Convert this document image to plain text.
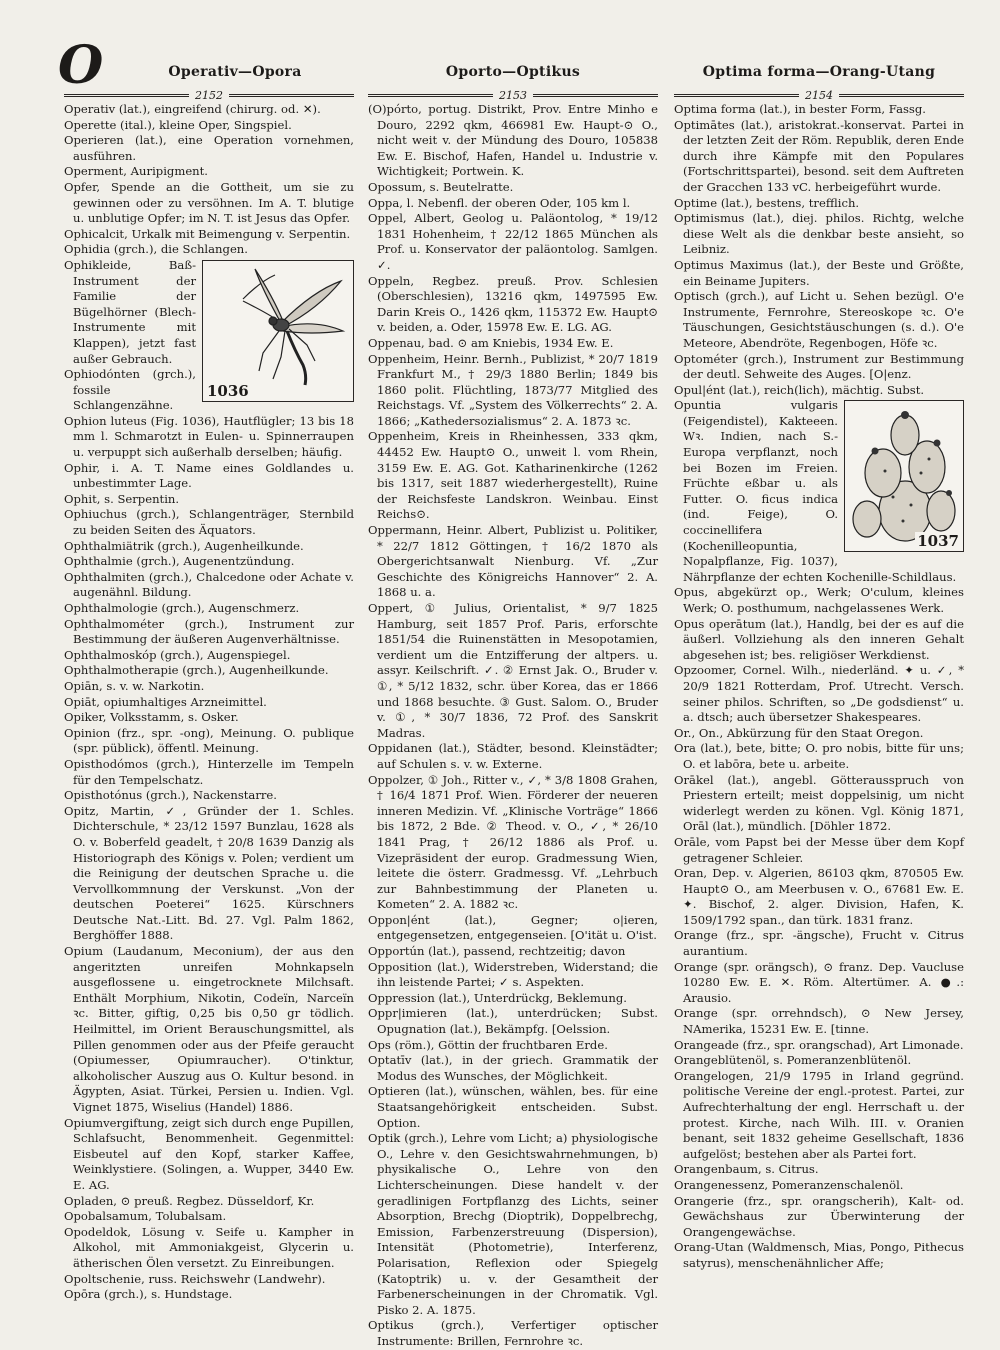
O	Operativ—Opora	Oporto—Optikus	Optima forma—Orang-Utang
2152	2153	2154

Operativ (lat.), eingreifend (chirurg. od. ✕).

Operette (ital.), kleine Oper, Singspiel.

Operieren (lat.), eine Operation vornehmen, ausführen.

Operment, Auripigment.

Opfer, Spende an die Gottheit, um sie zu gewinnen oder zu versöhnen. Im A. T. blutige u. unblutige Opfer; im N. T. ist Jesus das Opfer.

Ophicalcit, Urkalk mit Beimengung v. Serpentin.

Ophidia (grch.), die Schlangen.

1036

Ophikleide, Baß-Instrument der Familie der Bügelhörner (Blech-Instrumente mit Klappen), jetzt fast außer Gebrauch.

Ophiodónten (grch.), fossile Schlangenzähne.

Ophion luteus (Fig. 1036), Hautflügler; 13 bis 18 mm l. Schmarotzt in Eulen- u. Spinnerraupen u. verpuppt sich außerhalb derselben; häufig.

Ophir, i. A. T. Name eines Goldlandes u. unbestimmter Lage.

Ophit, s. Serpentin.

Ophiuchus (grch.), Schlangenträger, Sternbild zu beiden Seiten des Äquators.

Ophthalmiätrik (grch.), Augenheilkunde.

Ophthalmie (grch.), Augenentzündung.

Ophthalmiten (grch.), Chalcedone oder Achate v. augenähnl. Bildung.

Ophthalmologie (grch.), Augenschmerz.

Ophthalmométer (grch.), Instrument zur Bestimmung der äußeren Augenverhältnisse.

Ophthalmoskóp (grch.), Augenspiegel.

Ophthalmotherapie (grch.), Augenheilkunde.

Opiān, s. v. w. Narkotin.

Opiāt, opiumhaltiges Arzneimittel.

Opiker, Volksstamm, s. Osker.

Opinion (frz., spr. -ong), Meinung. O. publique (spr. püblick), öffentl. Meinung.

Opisthodómos (grch.), Hinterzelle im Tempeln für den Tempelschatz.

Opisthotónus (grch.), Nackenstarre.

Opitz, Martin, ✓, Gründer der 1. Schles. Dichterschule, * 23/12 1597 Bunzlau, 1628 als O. v. Boberfeld geadelt, † 20/8 1639 Danzig als Historiograph des Königs v. Polen; verdient um die Reinigung der deutschen Sprache u. die Vervollkommnung der Verskunst. „Von der deutschen Poeterei“ 1625. Kürschners Deutsche Nat.-Litt. Bd. 27. Vgl. Palm 1862, Berghöffer 1888.

Opium (Laudanum, Meconium), der aus den angeritzten unreifen Mohnkapseln ausgeflossene u. eingetrocknete Milchsaft. Enthält Morphium, Nikotin, Codeïn, Narceïn ꝛc. Bitter, giftig, 0,25 bis 0,50 gr tödlich. Heilmittel, im Orient Berauschungsmittel, als Pillen genommen oder aus der Pfeife geraucht (Opiumesser, Opiumraucher). O'tinktur, alkoholischer Auszug aus O. Kultur besond. in Ägypten, Asiat. Türkei, Persien u. Indien. Vgl. Vignet 1875, Wiselius (Handel) 1886.

Opiumvergiftung, zeigt sich durch enge Pupillen, Schlafsucht, Benommenheit. Gegenmittel: Eisbeutel auf den Kopf, starker Kaffee, Weinklystiere. (Solingen, a. Wupper, 3440 Ew. E. AG.

Opladen, ⊙ preuß. Regbez. Düsseldorf, Kr.

Opobalsamum, Tolubalsam.

Opodeldok, Lösung v. Seife u. Kampher in Alkohol, mit Ammoniakgeist, Glycerin u. ätherischen Ölen versetzt. Zu Einreibungen.

Opoltschenie, russ. Reichswehr (Landwehr).

Opōra (grch.), s. Hundstage.

(O)pórto, portug. Distrikt, Prov. Entre Minho e Douro, 2292 qkm, 466981 Ew. Haupt-⊙ O., nicht weit v. der Mündung des Douro, 105838 Ew. E. Bischof, Hafen, Handel u. Industrie v. Wichtigkeit; Portwein. K.

Opossum, s. Beutelratte.

Oppa, l. Nebenfl. der oberen Oder, 105 km l.

Oppel, Albert, Geolog u. Paläontolog, * 19/12 1831 Hohenheim, † 22/12 1865 München als Prof. u. Konservator der paläontolog. Samlgen. ✓.

Oppeln, Regbez. preuß. Prov. Schlesien (Oberschlesien), 13216 qkm, 1497595 Ew. Darin Kreis O., 1426 qkm, 115372 Ew. Haupt⊙ v. beiden, a. Oder, 15978 Ew. E. LG. AG.

Oppenau, bad. ⊙ am Kniebis, 1934 Ew. E.

Oppenheim, Heinr. Bernh., Publizist, * 20/7 1819 Frankfurt M., † 29/3 1880 Berlin; 1849 bis 1860 polit. Flüchtling, 1873/77 Mitglied des Reichstags. Vf. „System des Völkerrechts“ 2. A. 1866; „Kathedersozialismus“ 2. A. 1873 ꝛc.

Oppenheim, Kreis in Rheinhessen, 333 qkm, 44452 Ew. Haupt⊙ O., unweit l. vom Rhein, 3159 Ew. E. AG. Got. Katharinenkirche (1262 bis 1317, seit 1887 wiederhergestellt), Ruine der Reichsfeste Landskron. Weinbau. Einst Reichs⊙.

Oppermann, Heinr. Albert, Publizist u. Politiker, * 22/7 1812 Göttingen, † 16/2 1870 als Obergerichtsanwalt Nienburg. Vf. „Zur Geschichte des Königreichs Hannover“ 2. A. 1868 u. a.

Oppert, ① Julius, Orientalist, * 9/7 1825 Hamburg, seit 1857 Prof. Paris, erforschte 1851/54 die Ruinenstätten in Mesopotamien, verdient um die Entzifferung der altpers. u. assyr. Keilschrift. ✓. ② Ernst Jak. O., Bruder v. ①, * 5/12 1832, schr. über Korea, das er 1866 und 1868 besuchte. ③ Gust. Salom. O., Bruder v. ①, * 30/7 1836, 72 Prof. des Sanskrit Madras.

Oppidanen (lat.), Städter, besond. Kleinstädter; auf Schulen s. v. w. Externe.

Oppolzer, ① Joh., Ritter v., ✓, * 3/8 1808 Grahen, † 16/4 1871 Prof. Wien. Förderer der neueren inneren Medizin. Vf. „Klinische Vorträge“ 1866 bis 1872, 2 Bde. ② Theod. v. O., ✓, * 26/10 1841 Prag, † 26/12 1886 als Prof. u. Vizepräsident der europ. Gradmessung Wien, leitete die österr. Gradmessg. Vf. „Lehrbuch zur Bahnbestimmung der Planeten u. Kometen“ 2. A. 1882 ꝛc.

Oppon|ént (lat.), Gegner; o|ieren, entgegensetzen, entgegenseien. [O'ität u. O'ist.

Opportún (lat.), passend, rechtzeitig; davon

Opposition (lat.), Widerstreben, Widerstand; die ihn leistende Partei; ✓ s. Aspekten.

Oppression (lat.), Unterdrückg, Beklemung.

Oppr|imieren (lat.), unterdrücken; Subst. Opugnation (lat.), Bekämpfg. [Oelssion.

Ops (röm.), Göttin der fruchtbaren Erde.

Optatīv (lat.), in der griech. Grammatik der Modus des Wunsches, der Möglichkeit.

Optieren (lat.), wünschen, wählen, bes. für eine Staatsangehörigkeit entscheiden. Subst. Option.

Optik (grch.), Lehre vom Licht; a) physiologische O., Lehre v. den Gesichtswahrnehmungen, b) physikalische O., Lehre von den Lichterscheinungen. Diese handelt v. der geradlinigen Fortpflanzg des Lichts, seiner Absorption, Brechg (Dioptrik), Doppelbrechg, Emission, Farbenzerstreuung (Dispersion), Intensität (Photometrie), Interferenz, Polarisation, Reflexion oder Spiegelg (Katoptrik) u. v. der Gesamtheit der Farbenerscheinungen in der Chromatik. Vgl. Pisko 2. A. 1875.

Optikus (grch.), Verfertiger optischer Instrumente: Brillen, Fernrohre ꝛc.

Optima forma (lat.), in bester Form, Fassg.

Optimātes (lat.), aristokrat.-konservat. Partei in der letzten Zeit der Röm. Republik, deren Ende durch ihre Kämpfe mit den Populares (Fortschrittspartei), besond. seit dem Auftreten der Gracchen 133 vC. herbeigeführt wurde.

Optime (lat.), bestens, trefflich.

Optimismus (lat.), diej. philos. Richtg, welche diese Welt als die denkbar beste ansieht, so Leibniz.

Optimus Maximus (lat.), der Beste und Größte, ein Beiname Jupiters.

Optisch (grch.), auf Licht u. Sehen bezügl. O'e Instrumente, Fernrohre, Stereoskope ꝛc. O'e Täuschungen, Gesichtstäuschungen (s. d.). O'e Meteore, Abendröte, Regenbogen, Höfe ꝛc.

Optométer (grch.), Instrument zur Bestimmung der deutl. Sehweite des Auges. [O|enz.

Opul|ént (lat.), reich(lich), mächtig. Subst.

1037

Opuntia vulgaris (Feigendistel), Kakteeen. Wꝛ. Indien, nach S.-Europa verpflanzt, noch bei Bozen im Freien. Früchte eßbar u. als Futter. O. ficus indica (ind. Feige), O. coccinellifera (Kochenilleopuntia, Nopalpflanze, Fig. 1037), Nährpflanze der echten Kochenille-Schildlaus.

Opus, abgekürzt op., Werk; O'culum, kleines Werk; O. posthumum, nachgelassenes Werk.

Opus operātum (lat.), Handlg, bei der es auf die äußerl. Vollziehung als den inneren Gehalt abgesehen ist; bes. religiöser Werkdienst.

Opzoomer, Cornel. Wilh., niederländ. ✦ u. ✓, * 20/9 1821 Rotterdam, Prof. Utrecht. Versch. seiner philos. Schriften, so „De godsdienst“ u. a. dtsch; auch übersetzer Shakespeares.

Or., On., Abkürzung für den Staat Oregon.

Ora (lat.), bete, bitte; O. pro nobis, bitte für uns; O. et labōra, bete u. arbeite.

Orākel (lat.), angebl. Götterausspruch von Priestern erteilt; meist doppelsinig, um nicht widerlegt werden zu könen. Vgl. König 1871, Orāl (lat.), mündlich. [Döhler 1872.

Orāle, vom Papst bei der Messe über dem Kopf getragener Schleier.

Oran, Dep. v. Algerien, 86103 qkm, 870505 Ew. Haupt⊙ O., am Meerbusen v. O., 67681 Ew. E. ✦. Bischof, 2. alger. Division, Hafen, K. 1509/1792 span., dan türk. 1831 franz.

Orange (frz., spr. -ängsche), Frucht v. Citrus aurantium.

Orange (spr. orängsch), ⊙ franz. Dep. Vaucluse 10280 Ew. E. ✕. Röm. Altertümer. A. ●.: Arausio.

Orange (spr. orrehndsch), ⊙ New Jersey, NAmerika, 15231 Ew. E. [tinne.

Orangeade (frz., spr. orangschad), Art Limonade.

Orangeblütenöl, s. Pomeranzenblütenöl.

Orangelogen, 21/9 1795 in Irland gegründ. politische Vereine der engl.-protest. Partei, zur Aufrechterhaltung der engl. Herrschaft u. der protest. Kirche, nach Wilh. III. v. Oranien benant, seit 1832 geheime Gesellschaft, 1836 aufgelöst; bestehen aber als Partei fort.

Orangenbaum, s. Citrus.

Orangenessenz, Pomeranzenschalenöl.

Orangerie (frz., spr. orangscherih), Kalt- od. Gewächshaus zur Überwinterung der Orangengewächse.

Orang-Utan (Waldmensch, Mias, Pongo, Pithecus satyrus), menschenähnlicher Affe;
